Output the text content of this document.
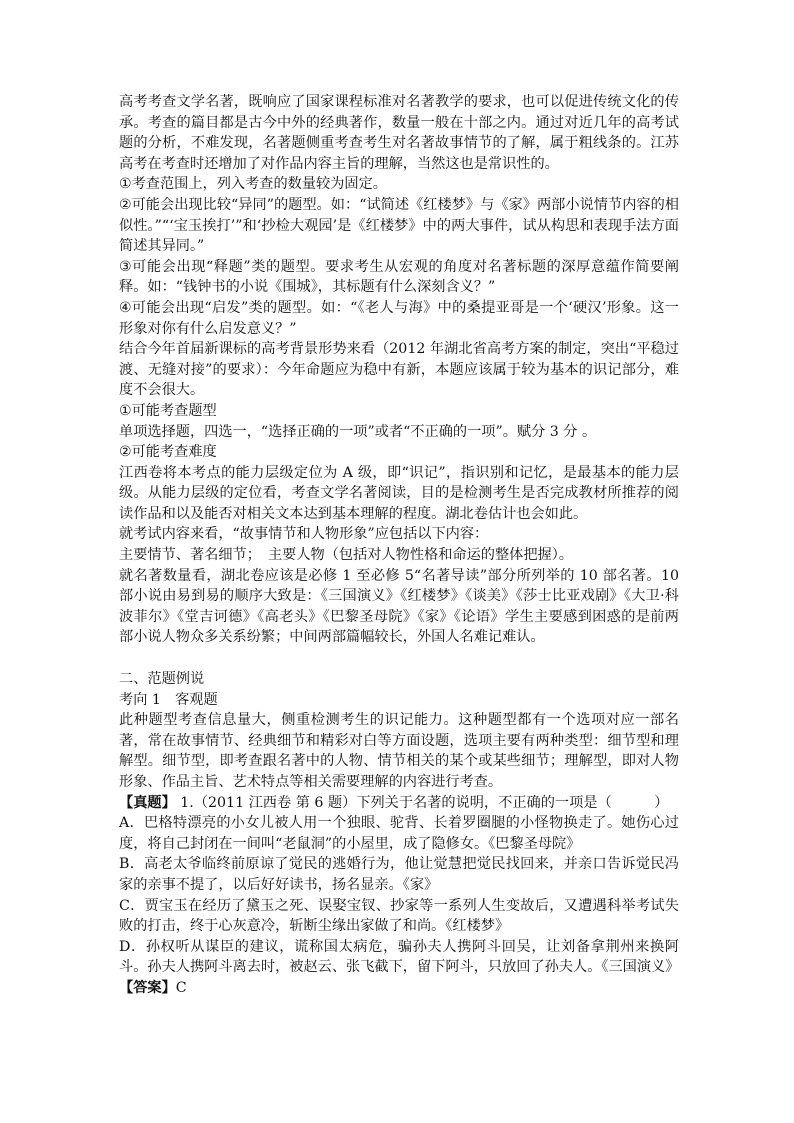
高考考查文学名著，既响应了国家课程标准对名著教学的要求，也可以促进传统文化的传承。考查的篇目都是古今中外的经典著作，数量一般在十部之内。通过对近几年的高考试题的分析，不难发现，名著题侧重考查考生对名著故事情节的了解，属于粗线条的。江苏高考在考查时还增加了对作品内容主旨的理解，当然这也是常识性的。

①考查范围上，列入考查的数量较为固定。

②可能会出现比较“异同”的题型。如：“试简述《红楼梦》与《家》两部小说情节内容的相似性。”“‘宝玉挨打’”和‘抄检大观园’是《红楼梦》中的两大事件，试从构思和表现手法方面简述其异同。”

③可能会出现“释题”类的题型。要求考生从宏观的角度对名著标题的深厚意蕴作简要阐释。如：“钱钟书的小说《围城》，其标题有什么深刻含义？”

④可能会出现“启发”类的题型。如：“《老人与海》中的桑提亚哥是一个‘硬汉’形象。这一形象对你有什么启发意义？”

结合今年首届新课标的高考背景形势来看（2012 年湖北省高考方案的制定，突出“平稳过渡、无缝对接”的要求）：今年命题应为稳中有新，本题应该属于较为基本的识记部分，难度不会很大。

①可能考查题型

单项选择题，四选一，“选择正确的一项”或者“不正确的一项”。赋分 3 分 。

②可能考查难度

江西卷将本考点的能力层级定位为 A 级，即“识记”，指识别和记忆，是最基本的能力层级。从能力层级的定位看，考查文学名著阅读，目的是检测考生是否完成教材所推荐的阅读作品和以及能否对相关文本达到基本理解的程度。湖北卷估计也会如此。

就考试内容来看，“故事情节和人物形象”应包括以下内容：

主要情节、著名细节；　主要人物（包括对人物性格和命运的整体把握）。

就名著数量看，湖北卷应该是必修 1 至必修 5“名著导读”部分所列举的 10 部名著。10 部小说由易到易的顺序大致是：《三国演义》《红楼梦》《谈美》《莎士比亚戏剧》《大卫·科波菲尔》《堂吉诃德》《高老头》《巴黎圣母院》《家》《论语》学生主要感到困惑的是前两部小说人物众多关系纷繁；中间两部篇幅较长，外国人名难记难认。

二、范题例说

考向 1　客观题

此种题型考查信息量大，侧重检测考生的识记能力。这种题型都有一个选项对应一部名著，常在故事情节、经典细节和精彩对白等方面设题，选项主要有两种类型：细节型和理解型。细节型，即考查跟名著中的人物、情节相关的某个或某些细节；理解型，即对人物形象、作品主旨、艺术特点等相关需要理解的内容进行考查。

【真题】 1.（2011 江西卷 第 6 题）下列关于名著的说明，不正确的一项是（　　　）

A．巴格特漂亮的小女儿被人用一个独眼、驼背、长着罗圈腿的小怪物换走了。她伤心过度，将自己封闭在一间叫“老鼠洞”的小屋里，成了隐修女。《巴黎圣母院》

B．高老太爷临终前原谅了觉民的逃婚行为，他让觉慧把觉民找回来，并亲口告诉觉民冯家的亲事不提了，以后好好读书，扬名显亲。《家》

C．贾宝玉在经历了黛玉之死、误娶宝钗、抄家等一系列人生变故后，又遭遇科举考试失败的打击，终于心灰意冷，斩断尘缘出家做了和尚。《红楼梦》

D．孙权听从谋臣的建议，谎称国太病危，骗孙夫人携阿斗回吴，让刘备拿荆州来换阿斗。孙夫人携阿斗离去时，被赵云、张飞截下，留下阿斗，只放回了孙夫人。《三国演义》

【答案】C
